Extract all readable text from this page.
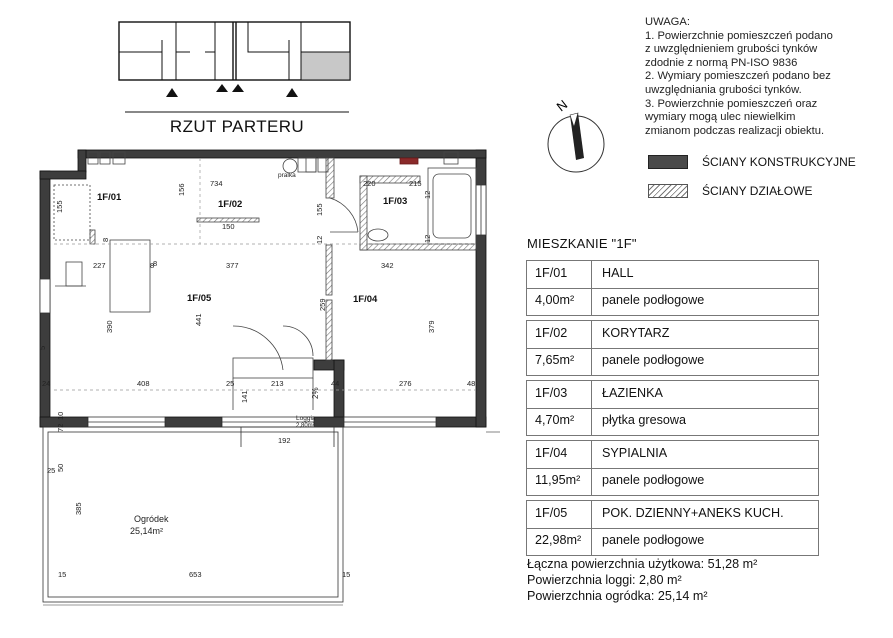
N
1F/01
1F/02	1F/03
1F/04
1F/05
pralka
Loggia
2,80m²
Ogródek
25,14m²
2%
734
156
155
150
220	215
12
12	12
155
227	8	377	342
259
390
441
379
408	25	213	44	276
24	48
141
192
72
10
50
25
385
15	653	15
5
8
8
RZUT PARTERU
UWAGA:
1. Powierzchnie pomieszczeń podano
z uwzględnieniem grubości tynków
zdodnie z normą PN-ISO 9836
2. Wymiary pomieszczeń podano bez
uwzględniania grubości tynków.
3. Powierzchnie pomieszczeń oraz
wymiary mogą ulec niewielkim
zmianom podczas realizacji obiektu.
ŚCIANY KONSTRUKCYJNE
ŚCIANY DZIAŁOWE
MIESZKANIE "1F"
1F/01	HALL
4,00m²	panele podłogowe
1F/02	KORYTARZ
7,65m²	panele podłogowe
1F/03	ŁAZIENKA
4,70m²	płytka gresowa
1F/04	SYPIALNIA
11,95m²	panele podłogowe
1F/05	POK. DZIENNY+ANEKS KUCH.
22,98m²	panele podłogowe
Łączna powierzchnia użytkowa: 51,28 m²
Powierzchnia loggi: 2,80 m²
Powierzchnia ogródka: 25,14 m²
